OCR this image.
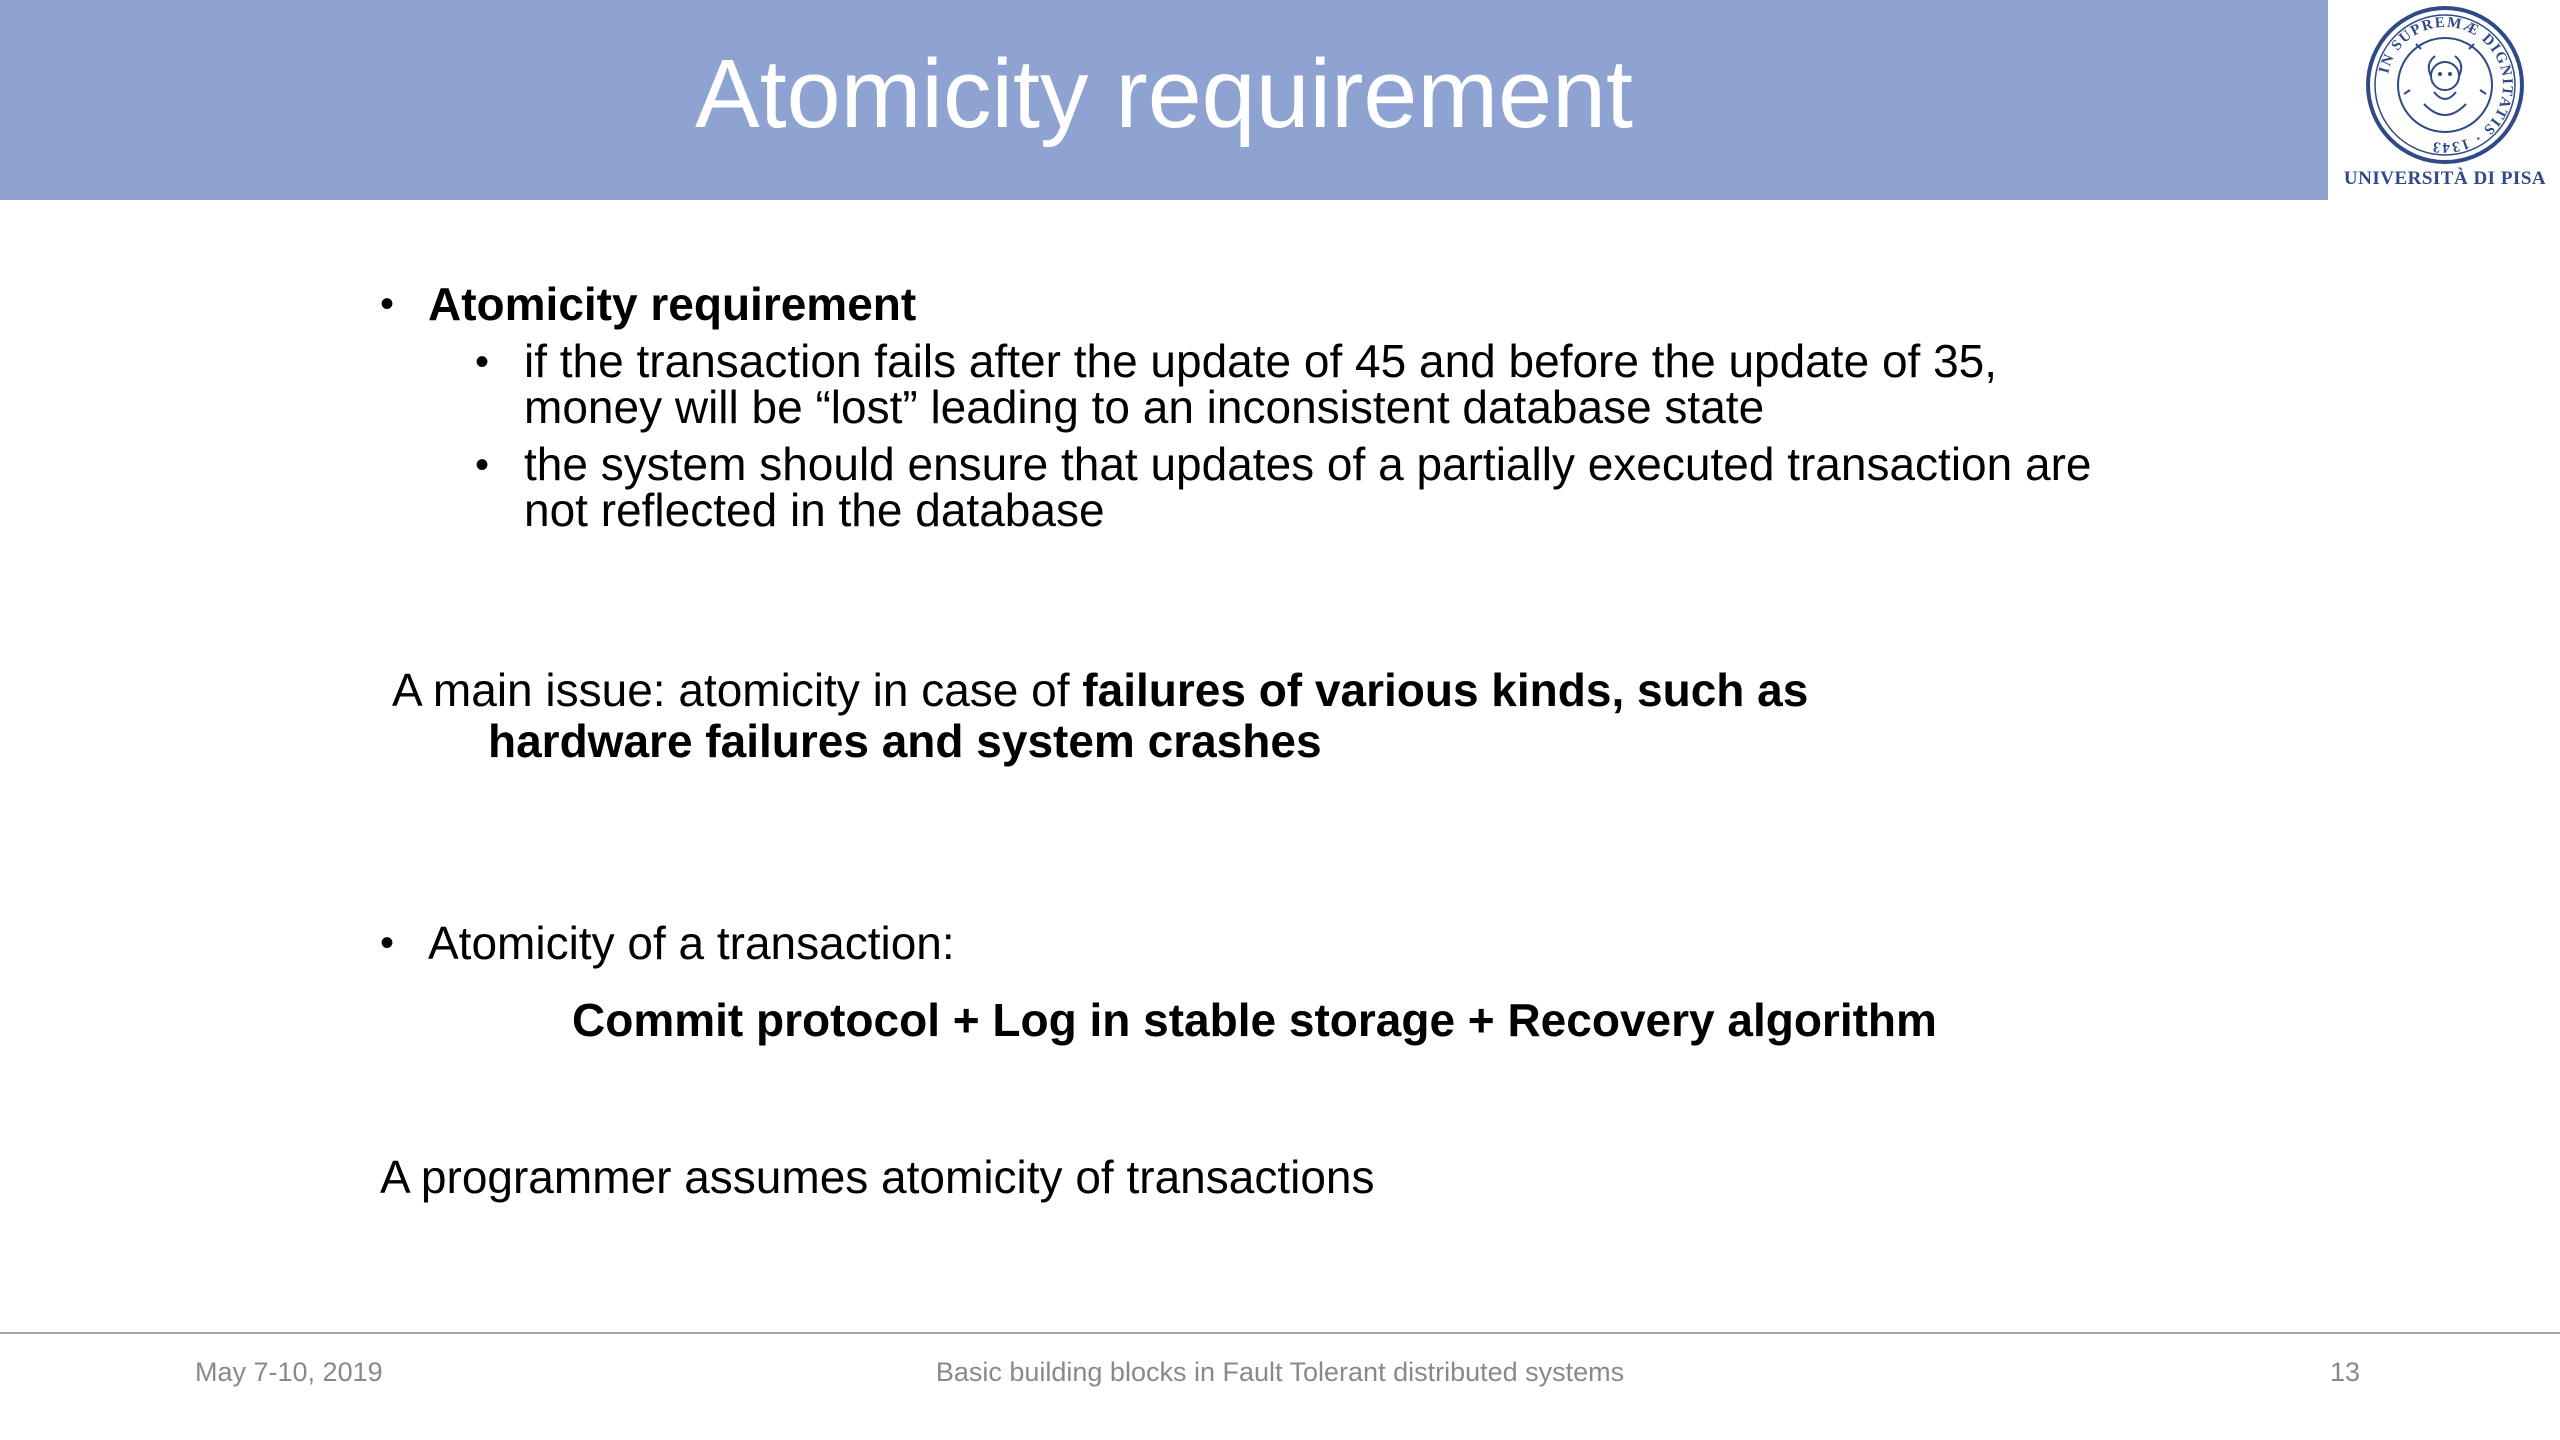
Atomicity requirement	IN SUPREMÆ DIGNITATIS · 1343
UNIVERSITÀ DI PISA
• Atomicity requirement
• if the transaction fails after the update of 45 and before the update of 35,
money will be “lost” leading to an inconsistent database state
• the system should ensure that updates of a partially executed transaction are
not reflected in the database
A main issue: atomicity in case of failures of various kinds, such as
hardware failures and system crashes
• Atomicity of a transaction:
Commit protocol + Log in stable storage + Recovery algorithm
A programmer assumes atomicity of transactions
May 7-10, 2019	Basic building blocks in Fault Tolerant distributed systems	13
